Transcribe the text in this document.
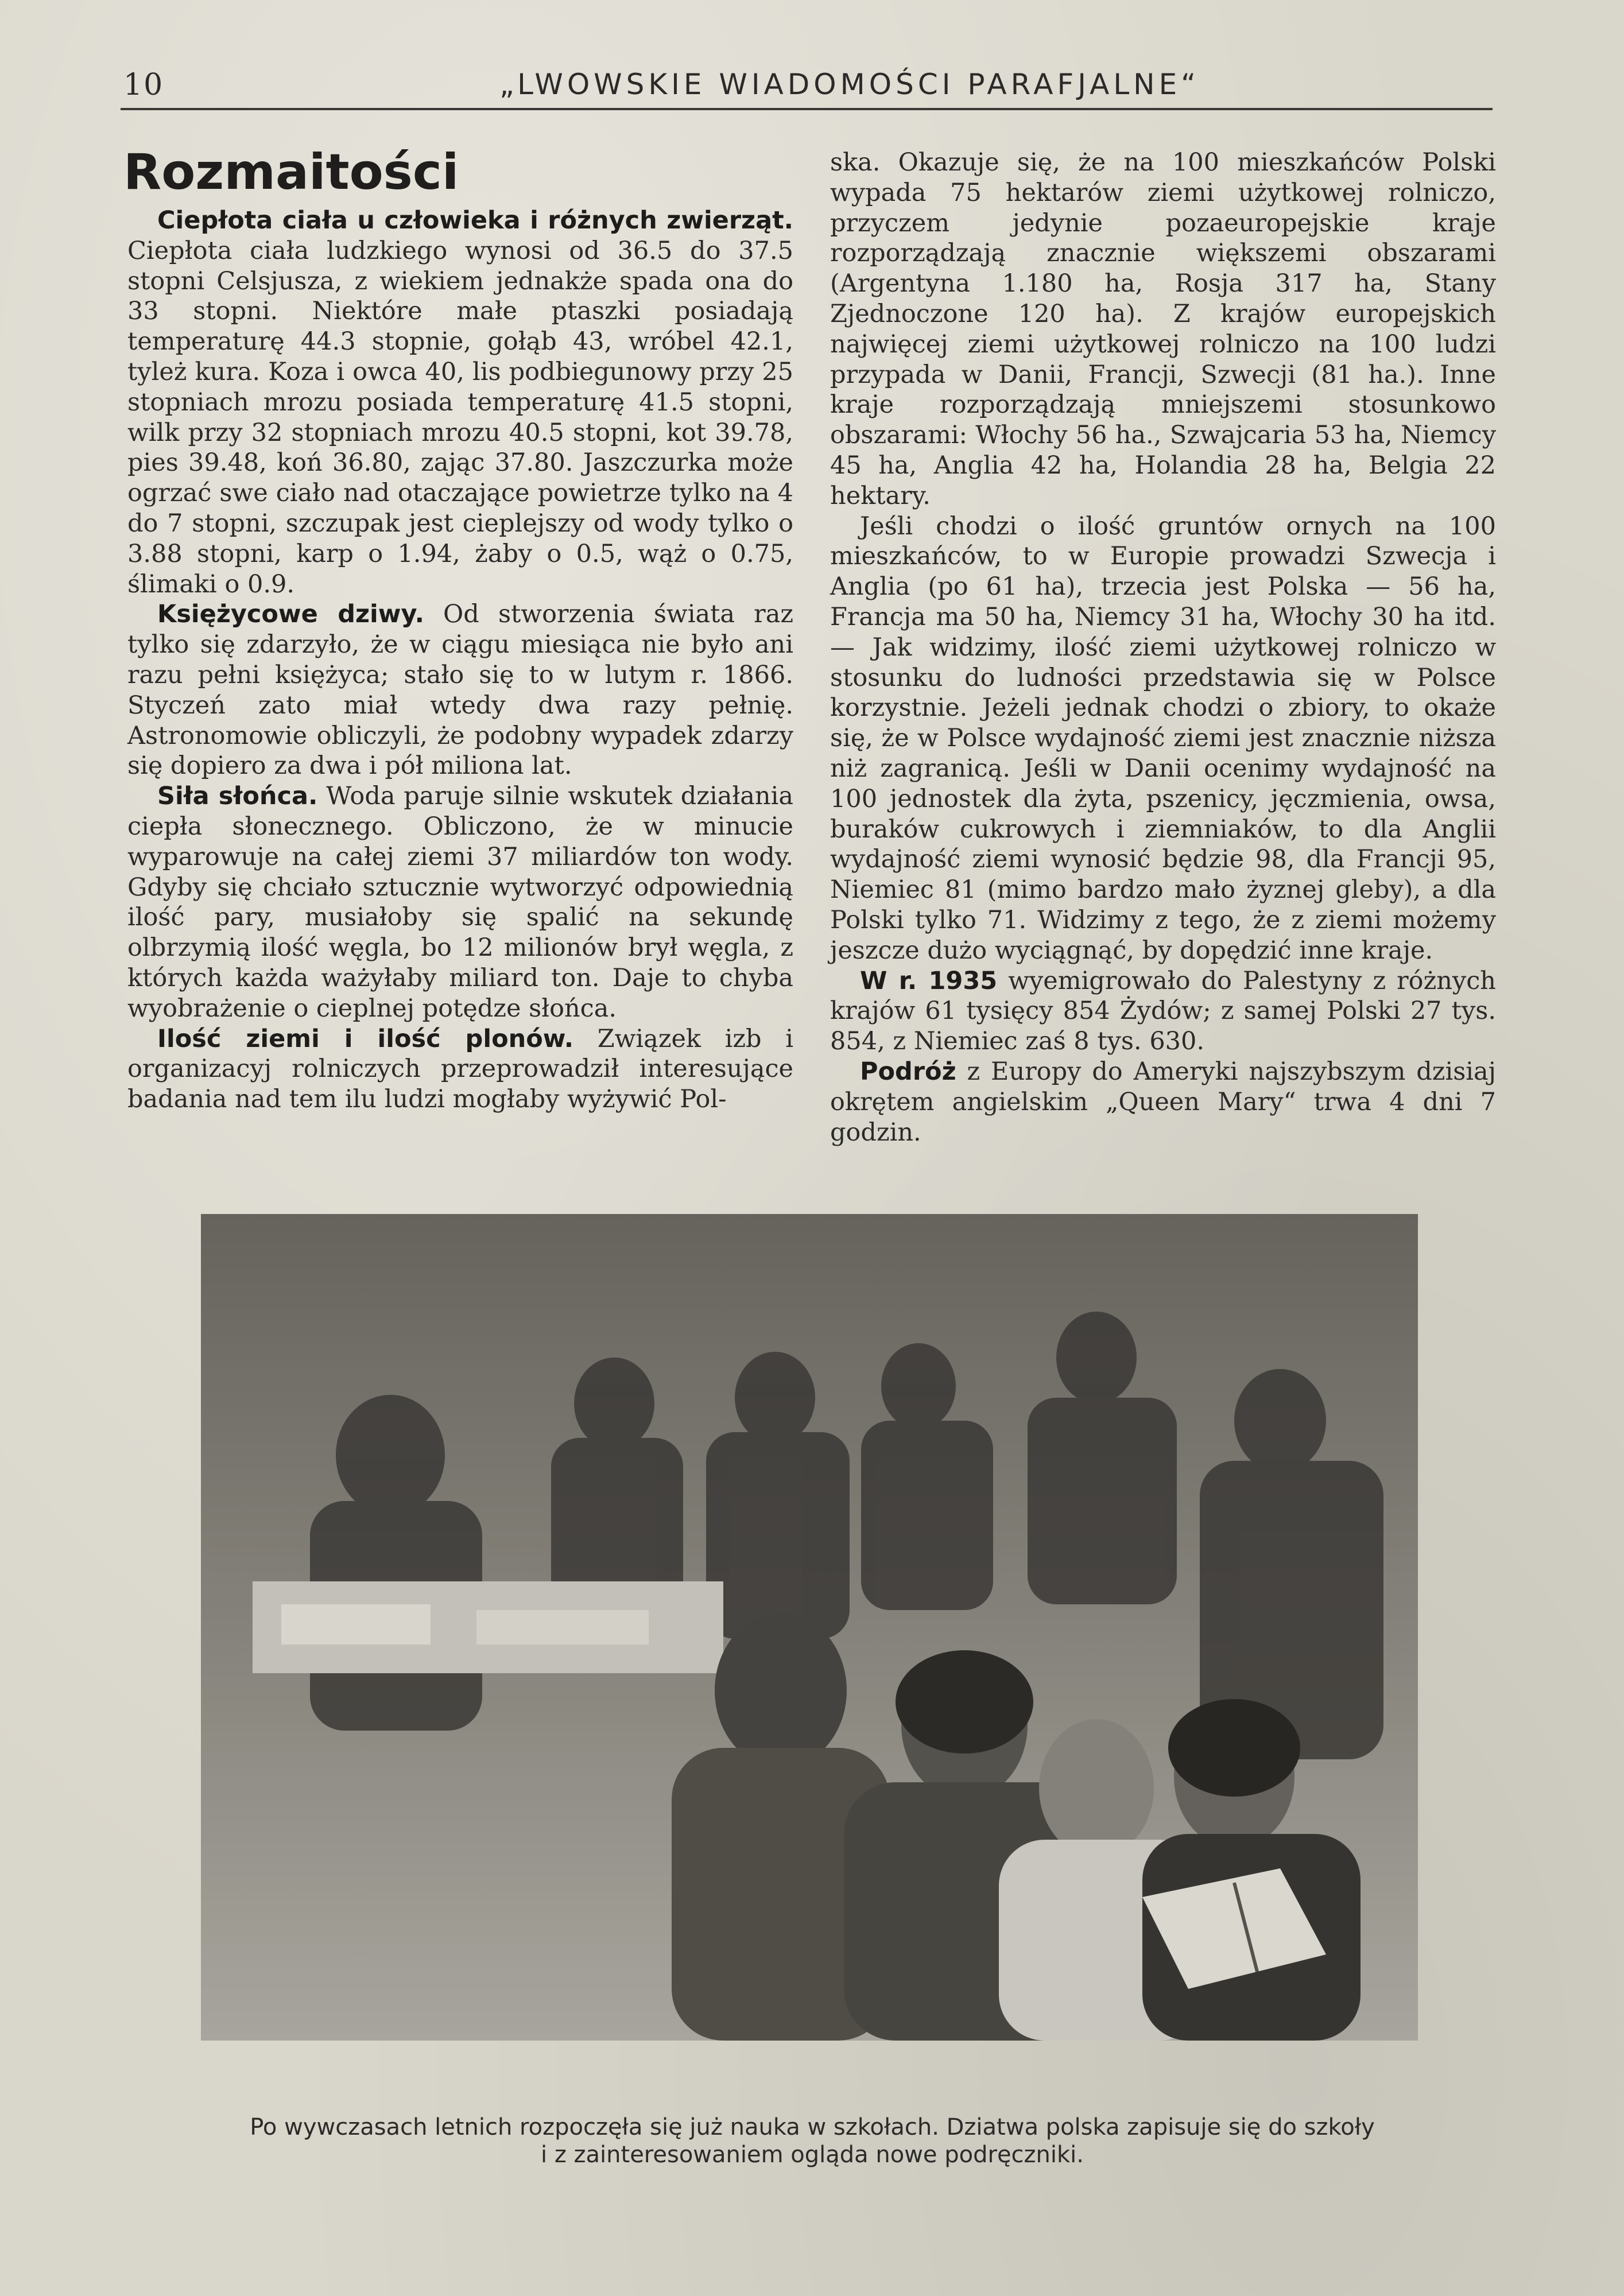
10	„LWOWSKIE WIADOMOŚCI PARAFJALNE“
Rozmaitości

Ciepłota ciała u człowieka i różnych zwierząt. Ciepłota ciała ludzkiego wynosi od 36.5 do 37.5 stopni Celsjusza, z wiekiem jednakże spada ona do 33 stopni. Niektóre małe ptaszki posiadają temperaturę 44.3 stopnie, gołąb 43, wróbel 42.1, tyleż kura. Koza i owca 40, lis podbiegunowy przy 25 stopniach mrozu posiada temperaturę 41.5 stopni, wilk przy 32 stopniach mrozu 40.5 stopni, kot 39.78, pies 39.48, koń 36.80, zając 37.80. Jaszczurka może ogrzać swe ciało nad otaczające powietrze tylko na 4 do 7 stopni, szczupak jest cieplejszy od wody tylko o 3.88 stopni, karp o 1.94, żaby o 0.5, wąż o 0.75, ślimaki o 0.9.

Księżycowe dziwy. Od stworzenia świata raz tylko się zdarzyło, że w ciągu miesiąca nie było ani razu pełni księżyca; stało się to w lutym r. 1866. Styczeń zato miał wtedy dwa razy pełnię. Astronomowie obliczyli, że podobny wypadek zdarzy się dopiero za dwa i pół miliona lat.

Siła słońca. Woda paruje silnie wskutek działania ciepła słonecznego. Obliczono, że w minucie wyparowuje na całej ziemi 37 miliardów ton wody. Gdyby się chciało sztucznie wytworzyć odpowiednią ilość pary, musiałoby się spalić na sekundę olbrzymią ilość węgla, bo 12 milionów brył węgla, z których każda ważyłaby miliard ton. Daje to chyba wyobrażenie o cieplnej potędze słońca.

Ilość ziemi i ilość plonów. Związek izb i organizacyj rolniczych przeprowadził interesujące badania nad tem ilu ludzi mogłaby wyżywić Pol-

ska. Okazuje się, że na 100 mieszkańców Polski wypada 75 hektarów ziemi użytkowej rolniczo, przyczem jedynie pozaeuropejskie kraje rozporządzają znacznie większemi obszarami (Argentyna 1.180 ha, Rosja 317 ha, Stany Zjednoczone 120 ha). Z krajów europejskich najwięcej ziemi użytkowej rolniczo na 100 ludzi przypada w Danii, Francji, Szwecji (81 ha.). Inne kraje rozporządzają mniejszemi stosunkowo obszarami: Włochy 56 ha., Szwajcaria 53 ha, Niemcy 45 ha, Anglia 42 ha, Holandia 28 ha, Belgia 22 hektary.

Jeśli chodzi o ilość gruntów ornych na 100 mieszkańców, to w Europie prowadzi Szwecja i Anglia (po 61 ha), trzecia jest Polska — 56 ha, Francja ma 50 ha, Niemcy 31 ha, Włochy 30 ha itd. — Jak widzimy, ilość ziemi użytkowej rolniczo w stosunku do ludności przedstawia się w Polsce korzystnie. Jeżeli jednak chodzi o zbiory, to okaże się, że w Polsce wydajność ziemi jest znacznie niższa niż zagranicą. Jeśli w Danii ocenimy wydajność na 100 jednostek dla żyta, pszenicy, jęczmienia, owsa, buraków cukrowych i ziemniaków, to dla Anglii wydajność ziemi wynosić będzie 98, dla Francji 95, Niemiec 81 (mimo bardzo mało żyznej gleby), a dla Polski tylko 71. Widzimy z tego, że z ziemi możemy jeszcze dużo wyciągnąć, by dopędzić inne kraje.

W r. 1935 wyemigrowało do Palestyny z różnych krajów 61 tysięcy 854 Żydów; z samej Polski 27 tys. 854, z Niemiec zaś 8 tys. 630.

Podróż z Europy do Ameryki najszybszym dzisiaj okrętem angielskim „Queen Mary“ trwa 4 dni 7 godzin.

Po wywczasach letnich rozpoczęła się już nauka w szkołach. Dziatwa polska zapisuje się do szkoły
i z zainteresowaniem ogląda nowe podręczniki.
